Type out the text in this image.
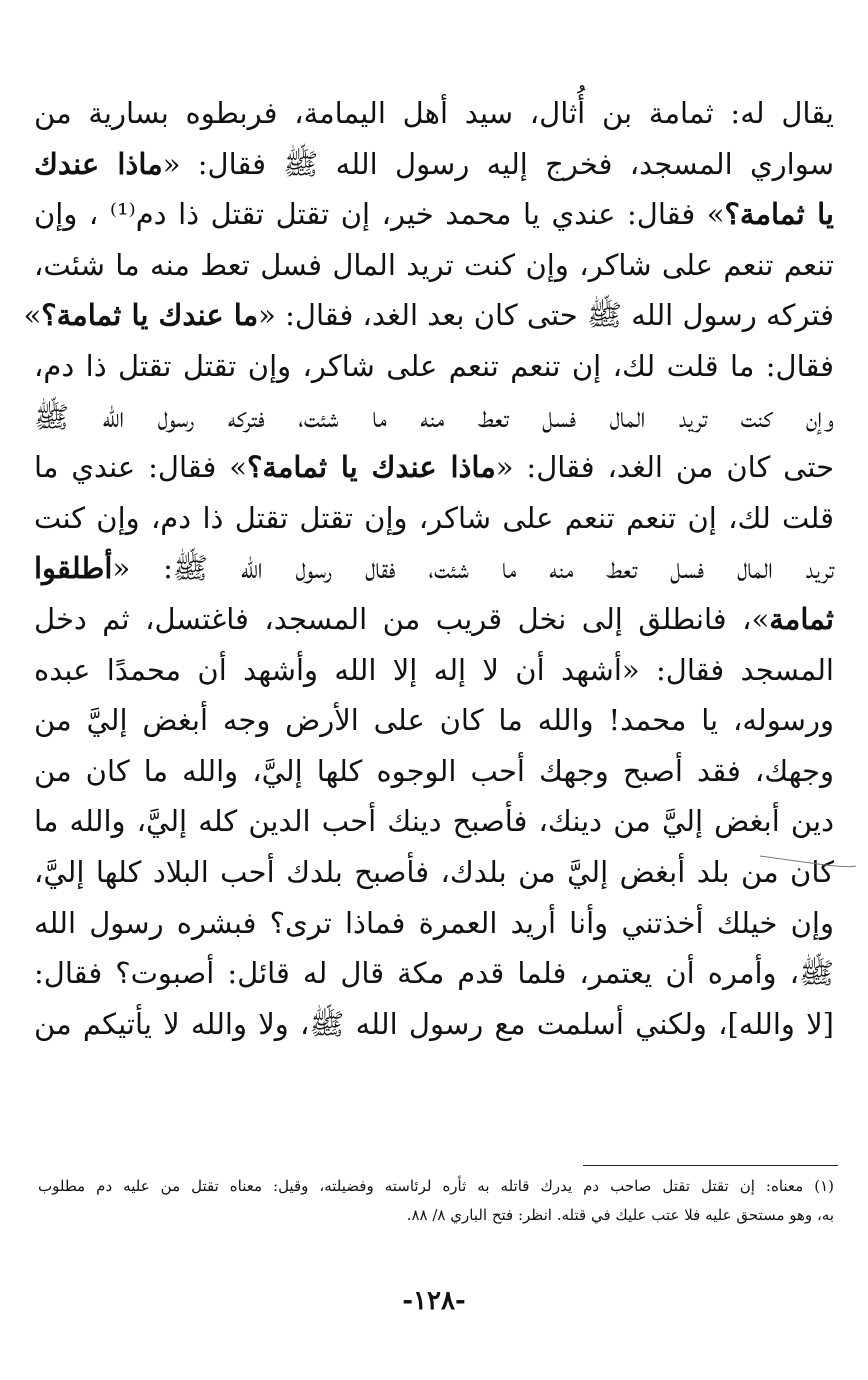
يقال له: ثمامة بن أُثال، سيد أهل اليمامة، فربطوه بسارية من
سواري المسجد، فخرج إليه رسول الله ﷺ فقال: «ماذا عندك
يا ثمامة؟» فقال: عندي يا محمد خير، إن تقتل تقتل ذا دم⁽¹⁾ ، وإن
تنعم تنعم على شاكر، وإن كنت تريد المال فسل تعط منه ما شئت،
فتركه رسول الله ﷺ حتى كان بعد الغد، فقال: «ما عندك يا ثمامة؟»
فقال: ما قلت لك، إن تنعم تنعم على شاكر، وإن تقتل تقتل ذا دم،
وإن كنت تريد المال فسل تعط منه ما شئت، فتركه رسول الله ﷺ
حتى كان من الغد، فقال: «ماذا عندك يا ثمامة؟» فقال: عندي ما
قلت لك، إن تنعم تنعم على شاكر، وإن تقتل تقتل ذا دم، وإن كنت
تريد المال فسل تعط منه ما شئت، فقال رسول الله ﷺ: «أطلقوا
ثمامة»، فانطلق إلى نخل قريب من المسجد، فاغتسل، ثم دخل
المسجد فقال: «أشهد أن لا إله إلا الله وأشهد أن محمدًا عبده
ورسوله، يا محمد! والله ما كان على الأرض وجه أبغض إليَّ من
وجهك، فقد أصبح وجهك أحب الوجوه كلها إليَّ، والله ما كان من
دين أبغض إليَّ من دينك، فأصبح دينك أحب الدين كله إليَّ، والله ما
كان من بلد أبغض إليَّ من بلدك، فأصبح بلدك أحب البلاد كلها إليَّ،
وإن خيلك أخذتني وأنا أريد العمرة فماذا ترى؟ فبشره رسول الله
ﷺ، وأمره أن يعتمر، فلما قدم مكة قال له قائل: أصبوت؟ فقال:
[لا والله]، ولكني أسلمت مع رسول الله ﷺ، ولا والله لا يأتيكم من
(١) معناه: إن تقتل تقتل صاحب دم يدرك قاتله به ثأره لرئاسته وفضيلته، وقيل: معناه تقتل من عليه دم مطلوب
به، وهو مستحق عليه فلا عتب عليك في قتله. انظر: فتح الباري ٨/ ٨٨.
-١٢٨-
